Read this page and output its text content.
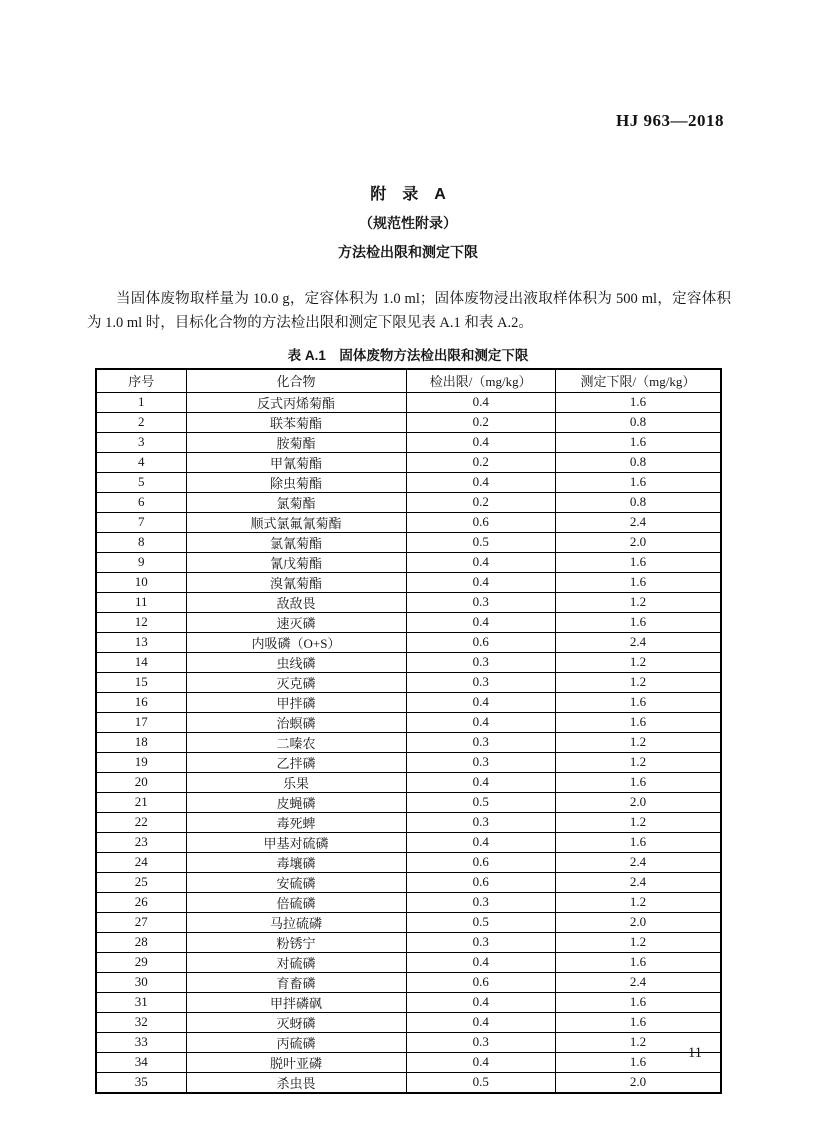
HJ 963—2018
附　录　A
（规范性附录）
方法检出限和测定下限
当固体废物取样量为 10.0 g，定容体积为 1.0 ml；固体废物浸出液取样体积为 500 ml，定容体积为 1.0 ml 时，目标化合物的方法检出限和测定下限见表 A.1 和表 A.2。
表 A.1　固体废物方法检出限和测定下限
序号	化合物	检出限/（mg/kg）	测定下限/（mg/kg）
1	反式丙烯菊酯	0.4	1.6
2	联苯菊酯	0.2	0.8
3	胺菊酯	0.4	1.6
4	甲氰菊酯	0.2	0.8
5	除虫菊酯	0.4	1.6
6	氯菊酯	0.2	0.8
7	顺式氯氟氰菊酯	0.6	2.4
8	氯氰菊酯	0.5	2.0
9	氰戊菊酯	0.4	1.6
10	溴氰菊酯	0.4	1.6
11	敌敌畏	0.3	1.2
12	速灭磷	0.4	1.6
13	内吸磷（O+S）	0.6	2.4
14	虫线磷	0.3	1.2
15	灭克磷	0.3	1.2
16	甲拌磷	0.4	1.6
17	治螟磷	0.4	1.6
18	二嗪农	0.3	1.2
19	乙拌磷	0.3	1.2
20	乐果	0.4	1.6
21	皮蝇磷	0.5	2.0
22	毒死蜱	0.3	1.2
23	甲基对硫磷	0.4	1.6
24	毒壤磷	0.6	2.4
25	安硫磷	0.6	2.4
26	倍硫磷	0.3	1.2
27	马拉硫磷	0.5	2.0
28	粉锈宁	0.3	1.2
29	对硫磷	0.4	1.6
30	育畜磷	0.6	2.4
31	甲拌磷砜	0.4	1.6
32	灭蚜磷	0.4	1.6
33	丙硫磷	0.3	1.2
34	脱叶亚磷	0.4	1.6
35	杀虫畏	0.5	2.0
11
